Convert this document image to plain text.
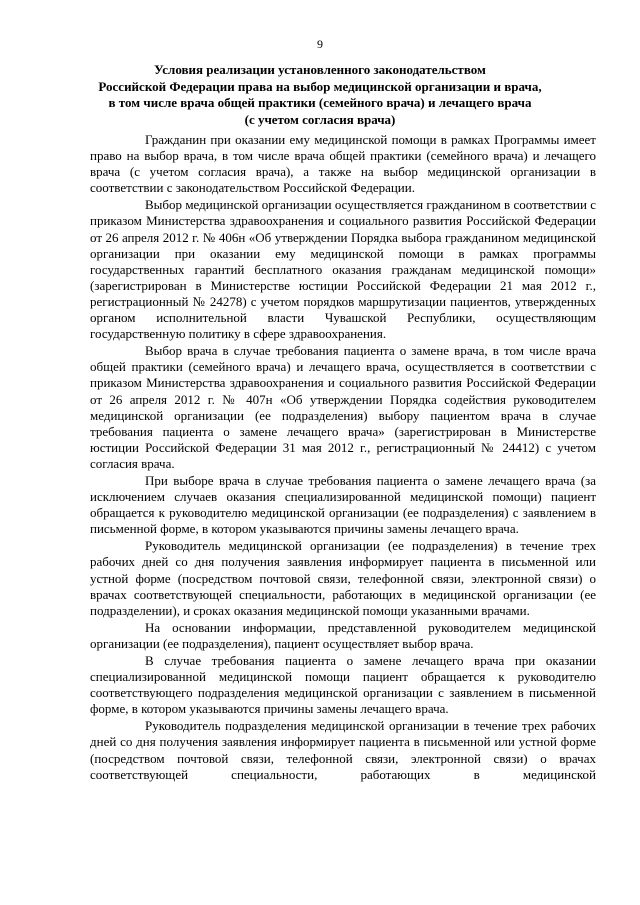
9
Условия реализации установленного законодательством
Российской Федерации права на выбор медицинской организации и врача,
в том числе врача общей практики (семейного врача) и лечащего врача
(с учетом согласия врача)

Гражданин при оказании ему медицинской помощи в рамках Программы имеет право на выбор врача, в том числе врача общей практики (семейного врача) и лечащего врача (с учетом согласия врача), а также на выбор медицинской организации в соответствии с законодательством Российской Федерации.

Выбор медицинской организации осуществляется гражданином в соответствии с приказом Министерства здравоохранения и социального развития Российской Федерации от 26 апреля 2012 г. № 406н «Об утверждении Порядка выбора гражданином медицинской организации при оказании ему медицинской помощи в рамках программы государственных гарантий бесплатного оказания гражданам медицинской помощи» (зарегистрирован в Министерстве юстиции Российской Федерации 21 мая 2012 г., регистрационный № 24278) с учетом порядков маршрутизации пациентов, утвержденных органом исполнительной власти Чувашской Республики, осуществляющим государственную политику в сфере здравоохранения.

Выбор врача в случае требования пациента о замене врача, в том числе врача общей практики (семейного врача) и лечащего врача, осуществляется в соответствии с приказом Министерства здравоохранения и социального развития Российской Федерации от 26 апреля 2012 г. № 407н «Об утверждении Порядка содействия руководителем медицинской организации (ее подразделения) выбору пациентом врача в случае требования пациента о замене лечащего врача» (зарегистрирован в Министерстве юстиции Российской Федерации 31 мая 2012 г., регистрационный № 24412) с учетом согласия врача.

При выборе врача в случае требования пациента о замене лечащего врача (за исключением случаев оказания специализированной медицинской помощи) пациент обращается к руководителю медицинской организации (ее подразделения) с заявлением в письменной форме, в котором указываются причины замены лечащего врача.

Руководитель медицинской организации (ее подразделения) в течение трех рабочих дней со дня получения заявления информирует пациента в письменной или устной форме (посредством почтовой связи, телефонной связи, электронной связи) о врачах соответствующей специальности, работающих в медицинской организации (ее подразделении), и сроках оказания медицинской помощи указанными врачами.

На основании информации, представленной руководителем медицинской организации (ее подразделения), пациент осуществляет выбор врача.

В случае требования пациента о замене лечащего врача при оказании специализированной медицинской помощи пациент обращается к руководителю соответствующего подразделения медицинской организации с заявлением в письменной форме, в котором указываются причины замены лечащего врача.

Руководитель подразделения медицинской организации в течение трех рабочих дней со дня получения заявления информирует пациента в письменной или устной форме (посредством почтовой связи, телефонной связи, электронной связи) о врачах соответствующей специальности, работающих в медицинской
